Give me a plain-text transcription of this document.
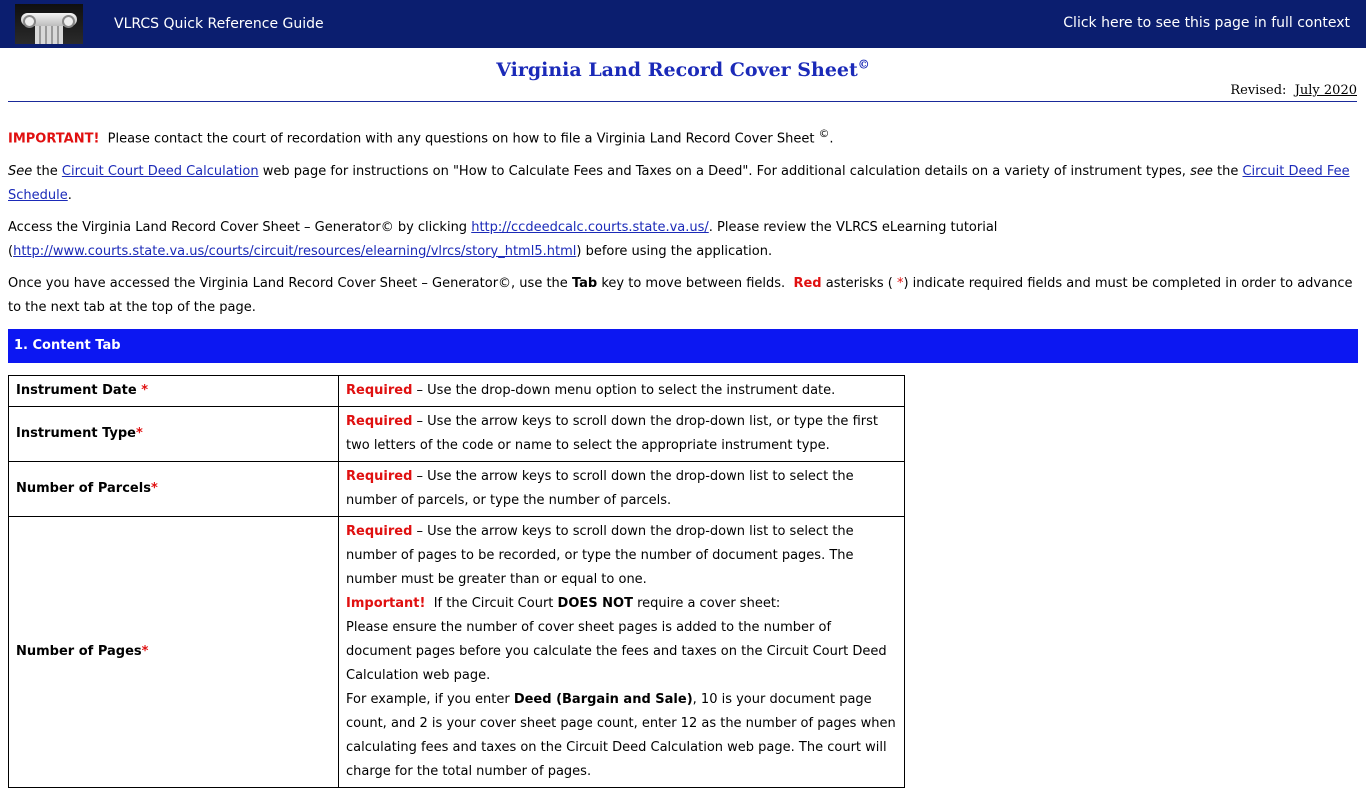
VLRCS Quick Reference Guide	Click here to see this page in full context
Virginia Land Record Cover Sheet©
Revised: July 2020

IMPORTANT! Please contact the court of recordation with any questions on how to file a Virginia Land Record Cover Sheet ©.

See the Circuit Court Deed Calculation web page for instructions on "How to Calculate Fees and Taxes on a Deed". For additional calculation details on a variety of instrument types, see the Circuit Deed Fee Schedule.

Access the Virginia Land Record Cover Sheet – Generator© by clicking http://ccdeedcalc.courts.state.va.us/. Please review the VLRCS eLearning tutorial
(http://www.courts.state.va.us/courts/circuit/resources/elearning/vlrcs/story_html5.html) before using the application.

Once you have accessed the Virginia Land Record Cover Sheet – Generator©, use the Tab key to move between fields. Red asterisks ( *) indicate required fields and must be completed in order to advance to the next tab at the top of the page.

1. Content Tab
Instrument Date *	Required – Use the drop-down menu option to select the instrument date.
Instrument Type*	Required – Use the arrow keys to scroll down the drop-down list, or type the first two letters of the code or name to select the appropriate instrument type.
Number of Parcels*	Required – Use the arrow keys to scroll down the drop-down list to select the number of parcels, or type the number of parcels.
Number of Pages*	Required – Use the arrow keys to scroll down the drop-down list to select the number of pages to be recorded, or type the number of document pages. The number must be greater than or equal to one.
Important! If the Circuit Court DOES NOT require a cover sheet:
Please ensure the number of cover sheet pages is added to the number of document pages before you calculate the fees and taxes on the Circuit Court Deed Calculation web page.
For example, if you enter Deed (Bargain and Sale), 10 is your document page count, and 2 is your cover sheet page count, enter 12 as the number of pages when calculating fees and taxes on the Circuit Deed Calculation web page. The court will charge for the total number of pages.
